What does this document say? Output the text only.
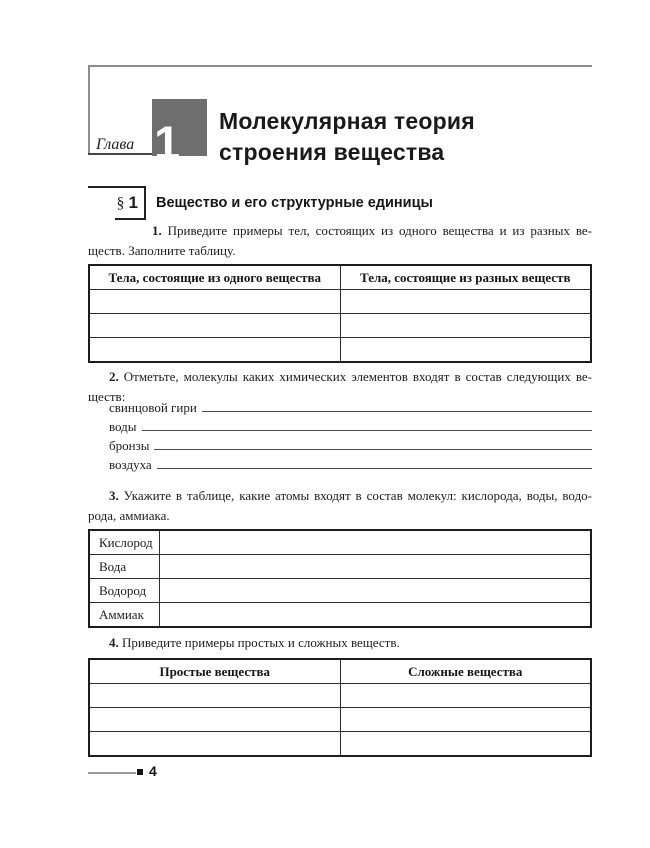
Глава 1 Молекулярная теория
строения вещества
§ 1 Вещество и его структурные единицы
1. Приведите примеры тел, состоящих из одного вещества и из разных ве-
ществ. Заполните таблицу.
Тела, состоящие из одного вещества	Тела, состоящие из разных веществ

2. Отметьте, молекулы каких химических элементов входят в состав следующих ве-
ществ:
свинцовой гири
воды
бронзы
воздуха
3. Укажите в таблице, какие атомы входят в состав молекул: кислорода, воды, водо-
рода, аммиака.
Кислород	
Вода	
Водород	
Аммиак	
4. Приведите примеры простых и сложных веществ.
Простые вещества	Сложные вещества

4
